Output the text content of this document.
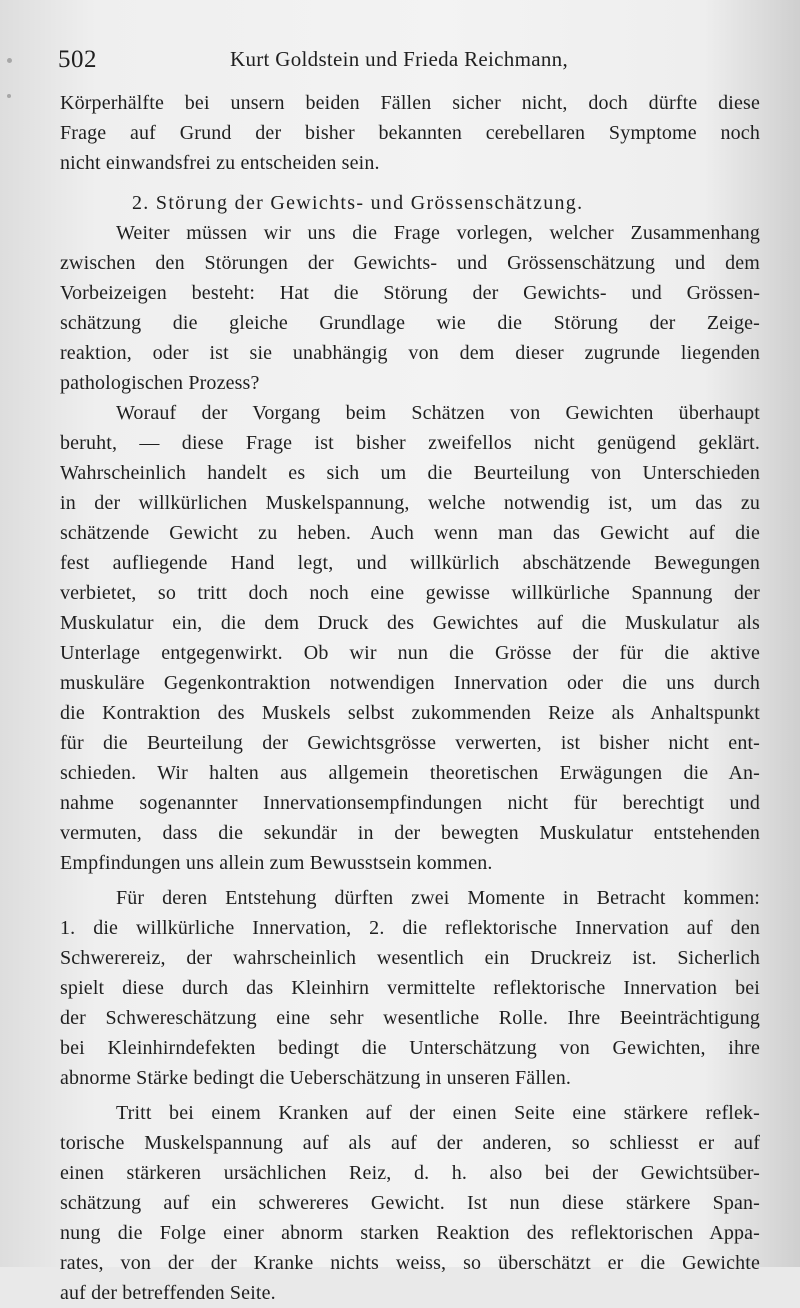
502	Kurt Goldstein und Frieda Reichmann,
Körperhälfte bei unsern beiden Fällen sicher nicht, doch dürfte diese
Frage auf Grund der bisher bekannten cerebellaren Symptome noch
nicht einwandsfrei zu entscheiden sein.
2. Störung der Gewichts- und Grössenschätzung.
Weiter müssen wir uns die Frage vorlegen, welcher Zusammenhang
zwischen den Störungen der Gewichts- und Grössenschätzung und dem
Vorbeizeigen besteht: Hat die Störung der Gewichts- und Grössen-
schätzung die gleiche Grundlage wie die Störung der Zeige-
reaktion, oder ist sie unabhängig von dem dieser zugrunde liegenden
pathologischen Prozess?
Worauf der Vorgang beim Schätzen von Gewichten überhaupt
beruht, — diese Frage ist bisher zweifellos nicht genügend geklärt.
Wahrscheinlich handelt es sich um die Beurteilung von Unterschieden
in der willkürlichen Muskelspannung, welche notwendig ist, um das zu
schätzende Gewicht zu heben. Auch wenn man das Gewicht auf die
fest aufliegende Hand legt, und willkürlich abschätzende Bewegungen
verbietet, so tritt doch noch eine gewisse willkürliche Spannung der
Muskulatur ein, die dem Druck des Gewichtes auf die Muskulatur als
Unterlage entgegenwirkt. Ob wir nun die Grösse der für die aktive
muskuläre Gegenkontraktion notwendigen Innervation oder die uns durch
die Kontraktion des Muskels selbst zukommenden Reize als Anhaltspunkt
für die Beurteilung der Gewichtsgrösse verwerten, ist bisher nicht ent-
schieden. Wir halten aus allgemein theoretischen Erwägungen die An-
nahme sogenannter Innervationsempfindungen nicht für berechtigt und
vermuten, dass die sekundär in der bewegten Muskulatur entstehenden
Empfindungen uns allein zum Bewusstsein kommen.
Für deren Entstehung dürften zwei Momente in Betracht kommen:
1. die willkürliche Innervation, 2. die reflektorische Innervation auf den
Schwerereiz, der wahrscheinlich wesentlich ein Druckreiz ist. Sicherlich
spielt diese durch das Kleinhirn vermittelte reflektorische Innervation bei
der Schwereschätzung eine sehr wesentliche Rolle. Ihre Beeinträchtigung
bei Kleinhirndefekten bedingt die Unterschätzung von Gewichten, ihre
abnorme Stärke bedingt die Ueberschätzung in unseren Fällen.
Tritt bei einem Kranken auf der einen Seite eine stärkere reflek-
torische Muskelspannung auf als auf der anderen, so schliesst er auf
einen stärkeren ursächlichen Reiz, d. h. also bei der Gewichtsüber-
schätzung auf ein schwereres Gewicht. Ist nun diese stärkere Span-
nung die Folge einer abnorm starken Reaktion des reflektorischen Appa-
rates, von der der Kranke nichts weiss, so überschätzt er die Gewichte
auf der betreffenden Seite.
